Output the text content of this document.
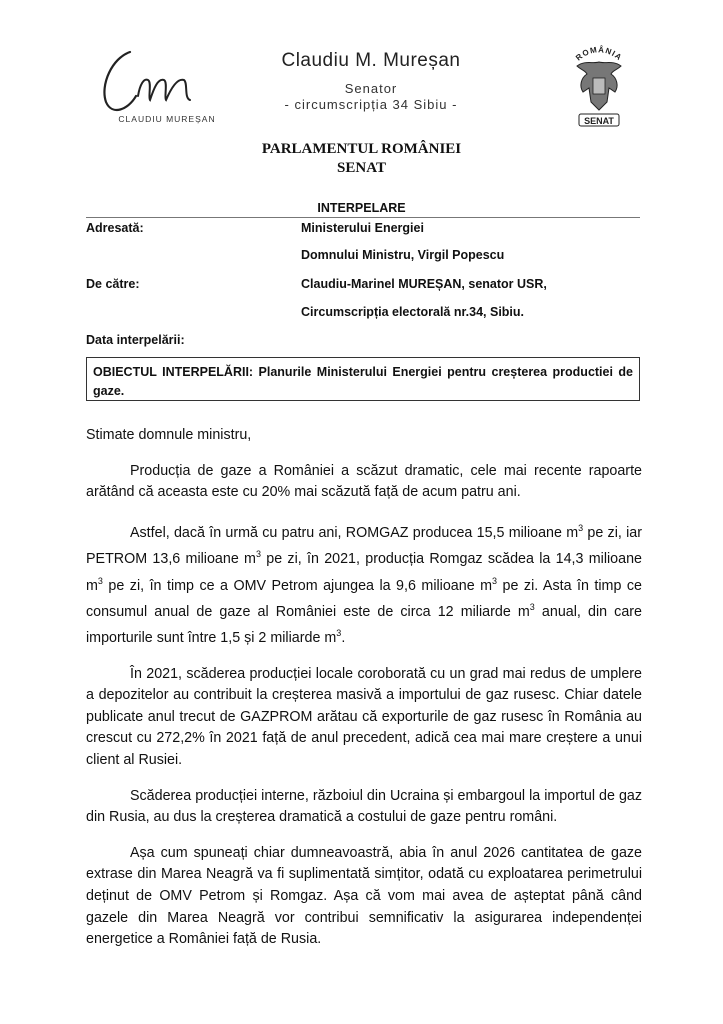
CLAUDIU MUREȘAN
Claudiu M. Mureșan
Senator
- circumscripția 34 Sibiu -
ROMÂNIA
SENAT
PARLAMENTUL ROMÂNIEI
SENAT
INTERPELARE
Adresată:	Ministerului Energiei
Domnului Ministru, Virgil Popescu
De către:	Claudiu-Marinel MUREȘAN, senator USR,
Circumscripția electorală nr.34, Sibiu.
Data interpelării:
OBIECTUL INTERPELĂRII: Planurile Ministerului Energiei pentru creșterea productiei de gaze.

Stimate domnule ministru,

Producția de gaze a României a scăzut dramatic, cele mai recente rapoarte arătând că aceasta este cu 20% mai scăzută față de acum patru ani.

Astfel, dacă în urmă cu patru ani, ROMGAZ producea 15,5 milioane $m^3$ pe zi, iar PETROM 13,6 milioane $m^3$ pe zi, în 2021, producția Romgaz scădea la 14,3 milioane $m^3$ pe zi, în timp ce a OMV Petrom ajungea la 9,6 milioane $m^3$ pe zi. Asta în timp ce consumul anual de gaze al României este de circa 12 miliarde $m^3$ anual, din care importurile sunt între 1,5 și 2 miliarde $m^3$.

În 2021, scăderea producției locale coroborată cu un grad mai redus de umplere a depozitelor au contribuit la creșterea masivă a importului de gaz rusesc. Chiar datele publicate anul trecut de GAZPROM arătau că exporturile de gaz rusesc în România au crescut cu 272,2% în 2021 față de anul precedent, adică cea mai mare creștere a unui client al Rusiei.

Scăderea producției interne, războiul din Ucraina și embargoul la importul de gaz din Rusia, au dus la creșterea dramatică a costului de gaze pentru români.

Așa cum spuneați chiar dumneavoastră, abia în anul 2026 cantitatea de gaze extrase din Marea Neagră va fi suplimentată simțitor, odată cu exploatarea perimetrului deținut de OMV Petrom și Romgaz. Așa că vom mai avea de așteptat până când gazele din Marea Neagră vor contribui semnificativ la asigurarea independenței energetice a României față de Rusia.
